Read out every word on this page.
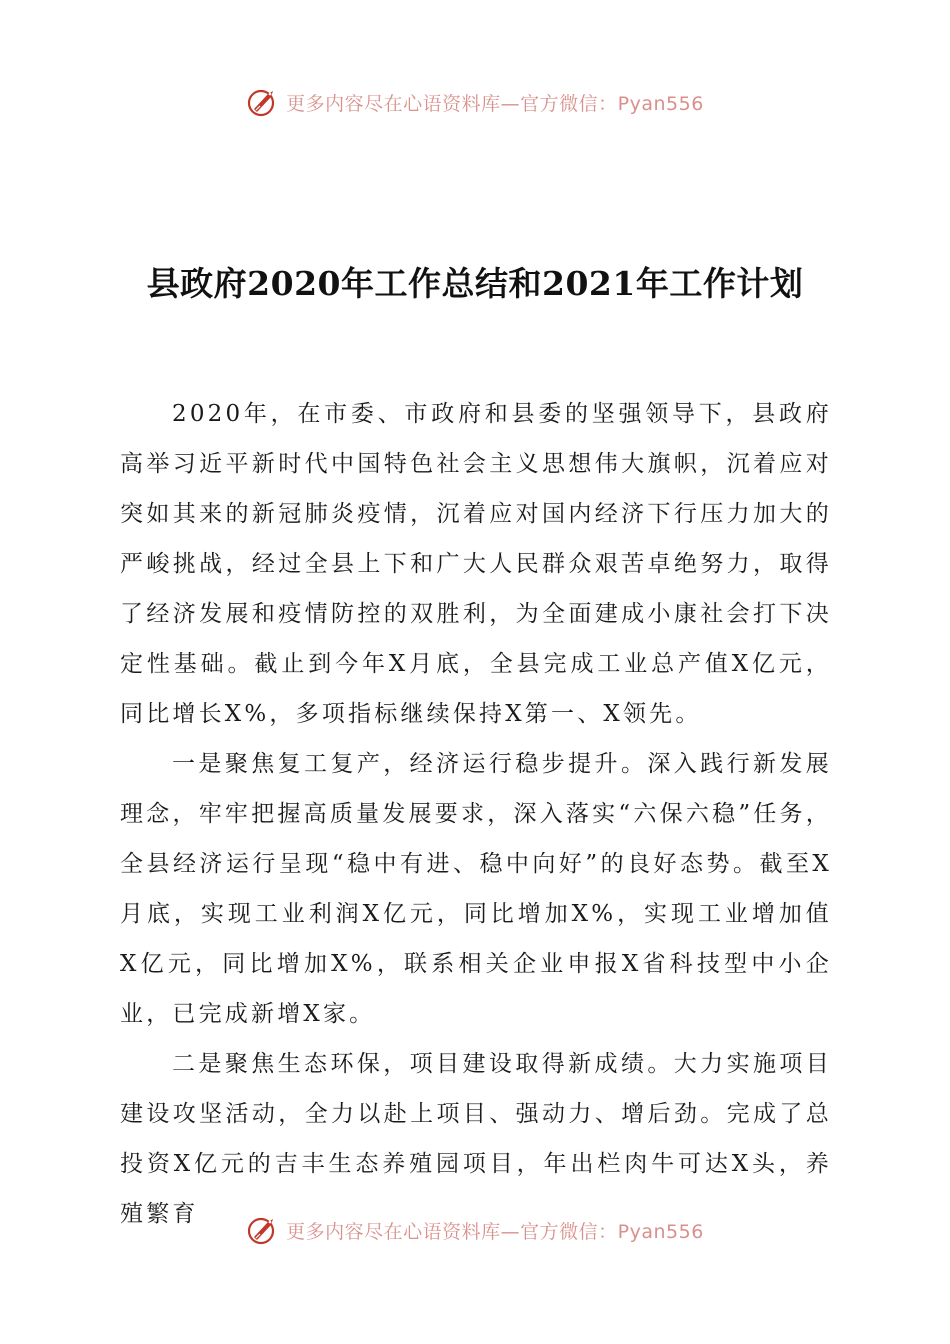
更多内容尽在心语资料库—官方微信：Pyan556
县政府2020年工作总结和2021年工作计划

2020年，在市委、市政府和县委的坚强领导下，县政府高举习近平新时代中国特色社会主义思想伟大旗帜，沉着应对突如其来的新冠肺炎疫情，沉着应对国内经济下行压力加大的严峻挑战，经过全县上下和广大人民群众艰苦卓绝努力，取得了经济发展和疫情防控的双胜利，为全面建成小康社会打下决定性基础。截止到今年X月底，全县完成工业总产值X亿元，同比增长X%，多项指标继续保持X第一、X领先。

一是聚焦复工复产，经济运行稳步提升。深入践行新发展理念，牢牢把握高质量发展要求，深入落实“六保六稳”任务，全县经济运行呈现“稳中有进、稳中向好”的良好态势。截至X月底，实现工业利润X亿元，同比增加X%，实现工业增加值X亿元，同比增加X%，联系相关企业申报X省科技型中小企业，已完成新增X家。

二是聚焦生态环保，项目建设取得新成绩。大力实施项目建设攻坚活动，全力以赴上项目、强动力、增后劲。完成了总投资X亿元的吉丰生态养殖园项目，年出栏肉牛可达X头，养殖繁育

更多内容尽在心语资料库—官方微信：Pyan556
